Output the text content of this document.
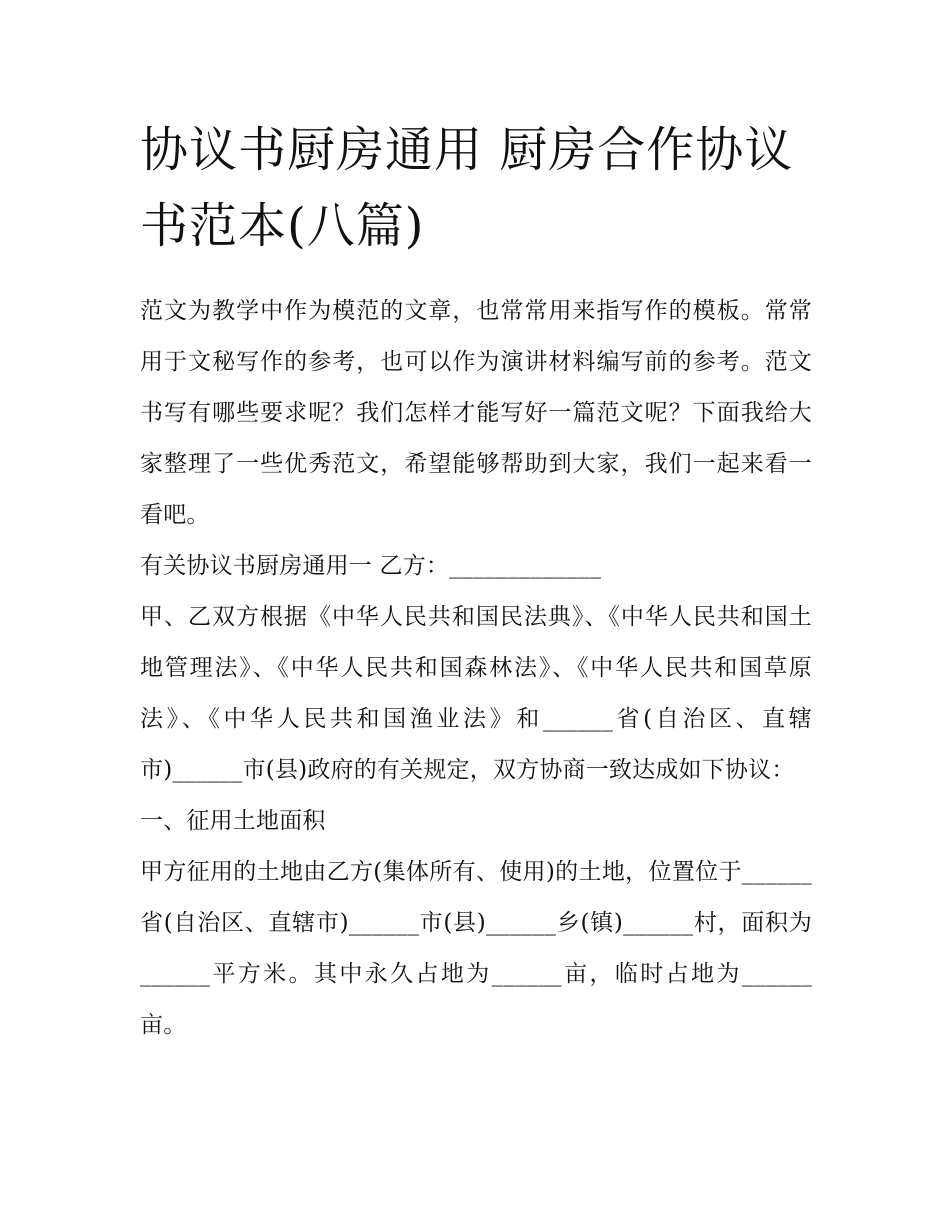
协议书厨房通用 厨房合作协议书范本(八篇)

范文为教学中作为模范的文章，也常常用来指写作的模板。常常用于文秘写作的参考，也可以作为演讲材料编写前的参考。范文书写有哪些要求呢？我们怎样才能写好一篇范文呢？下面我给大家整理了一些优秀范文，希望能够帮助到大家，我们一起来看一看吧。

有关协议书厨房通用一 乙方：_____________

甲、乙双方根据《中华人民共和国民法典》、《中华人民共和国土地管理法》、《中华人民共和国森林法》、《中华人民共和国草原法》、《中华人民共和国渔业法》和______省(自治区、直辖市)______市(县)政府的有关规定，双方协商一致达成如下协议：

一、征用土地面积

甲方征用的土地由乙方(集体所有、使用)的土地，位置位于______省(自治区、直辖市)______市(县)______乡(镇)______村，面积为______平方米。其中永久占地为______亩，临时占地为______亩。
